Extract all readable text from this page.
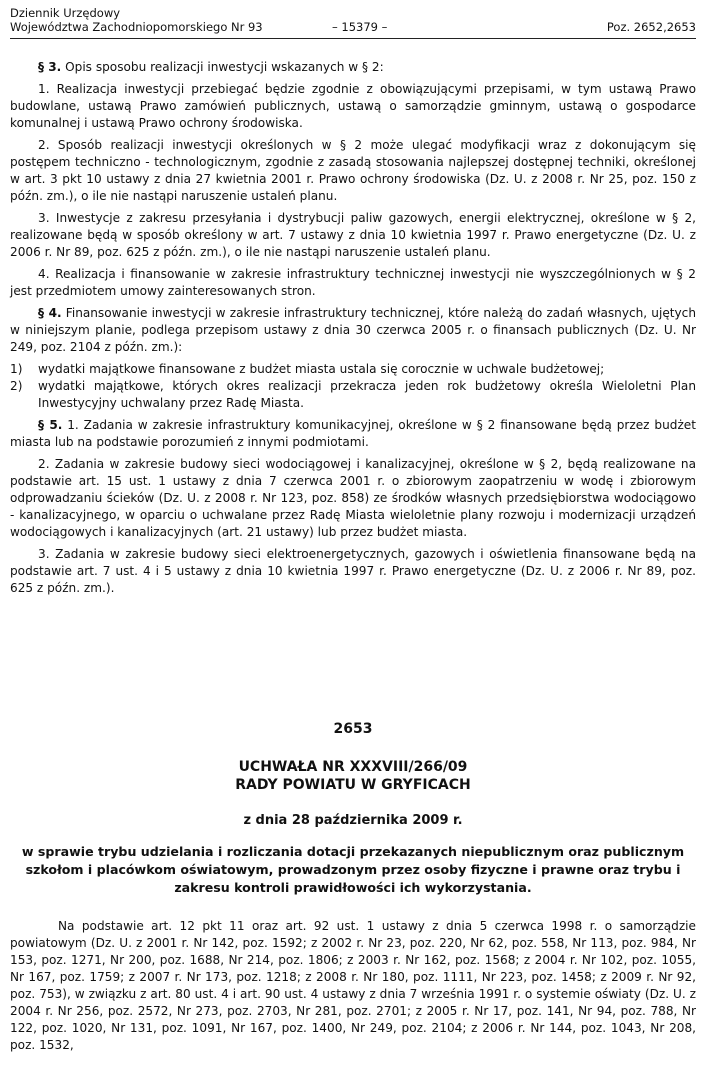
Dziennik Urzędowy
Województwa Zachodniopomorskiego Nr 93	– 15379 –	Poz. 2652,2653

§ 3. Opis sposobu realizacji inwestycji wskazanych w § 2:

1. Realizacja inwestycji przebiegać będzie zgodnie z obowiązującymi przepisami, w tym ustawą Prawo budowlane, ustawą Prawo zamówień publicznych, ustawą o samorządzie gminnym, ustawą o gospodarce komunalnej i ustawą Prawo ochrony środowiska.

2. Sposób realizacji inwestycji określonych w § 2 może ulegać modyfikacji wraz z dokonującym się postępem techniczno - technologicznym, zgodnie z zasadą stosowania najlepszej dostępnej techniki, określonej w art. 3 pkt 10 ustawy z dnia 27 kwietnia 2001 r. Prawo ochrony środowiska (Dz. U. z 2008 r. Nr 25, poz. 150 z późn. zm.), o ile nie nastąpi naruszenie ustaleń planu.

3. Inwestycje z zakresu przesyłania i dystrybucji paliw gazowych, energii elektrycznej, określone w § 2, realizowane będą w sposób określony w art. 7 ustawy z dnia 10 kwietnia 1997 r. Prawo energetyczne (Dz. U. z 2006 r. Nr 89, poz. 625 z późn. zm.), o ile nie nastąpi naruszenie ustaleń planu.

4. Realizacja i finansowanie w zakresie infrastruktury technicznej inwestycji nie wyszczególnionych w § 2 jest przedmiotem umowy zainteresowanych stron.

§ 4. Finansowanie inwestycji w zakresie infrastruktury technicznej, które należą do zadań własnych, ujętych w niniejszym planie, podlega przepisom ustawy z dnia 30 czerwca 2005 r. o finansach publicznych (Dz. U. Nr 249, poz. 2104 z późn. zm.):

1)	wydatki majątkowe finansowane z budżet miasta ustala się corocznie w uchwale budżetowej;
2)	wydatki majątkowe, których okres realizacji przekracza jeden rok budżetowy określa Wieloletni Plan Inwestycyjny uchwalany przez Radę Miasta.

§ 5. 1. Zadania w zakresie infrastruktury komunikacyjnej, określone w § 2 finansowane będą przez budżet miasta lub na podstawie porozumień z innymi podmiotami.

2. Zadania w zakresie budowy sieci wodociągowej i kanalizacyjnej, określone w § 2, będą realizowane na podstawie art. 15 ust. 1 ustawy z dnia 7 czerwca 2001 r. o zbiorowym zaopatrzeniu w wodę i zbiorowym odprowadzaniu ścieków (Dz. U. z 2008 r. Nr 123, poz. 858) ze środków własnych przedsiębiorstwa wodociągowo - kanalizacyjnego, w oparciu o uchwalane przez Radę Miasta wieloletnie plany rozwoju i modernizacji urządzeń wodociągowych i kanalizacyjnych (art. 21 ustawy) lub przez budżet miasta.

3. Zadania w zakresie budowy sieci elektroenergetycznych, gazowych i oświetlenia finansowane będą na podstawie art. 7 ust. 4 i 5 ustawy z dnia 10 kwietnia 1997 r. Prawo energetyczne (Dz. U. z 2006 r. Nr 89, poz. 625 z późn. zm.).

2653
UCHWAŁA NR XXXVIII/266/09
RADY POWIATU W GRYFICACH
z dnia 28 października 2009 r.
w sprawie trybu udzielania i rozliczania dotacji przekazanych niepublicznym oraz publicznym szkołom i placówkom oświatowym, prowadzonym przez osoby fizyczne i prawne oraz trybu i zakresu kontroli prawidłowości ich wykorzystania.
Na podstawie art. 12 pkt 11 oraz art. 92 ust. 1 ustawy z dnia 5 czerwca 1998 r. o samorządzie powiatowym (Dz. U. z 2001 r. Nr 142, poz. 1592; z 2002 r. Nr 23, poz. 220, Nr 62, poz. 558, Nr 113, poz. 984, Nr 153, poz. 1271, Nr 200, poz. 1688, Nr 214, poz. 1806; z 2003 r. Nr 162, poz. 1568; z 2004 r. Nr 102, poz. 1055, Nr 167, poz. 1759; z 2007 r. Nr 173, poz. 1218; z 2008 r. Nr 180, poz. 1111, Nr 223, poz. 1458; z 2009 r. Nr 92, poz. 753), w związku z art. 80 ust. 4 i art. 90 ust. 4 ustawy z dnia 7 września 1991 r. o systemie oświaty (Dz. U. z 2004 r. Nr 256, poz. 2572, Nr 273, poz. 2703, Nr 281, poz. 2701; z 2005 r. Nr 17, poz. 141, Nr 94, poz. 788, Nr 122, poz. 1020, Nr 131, poz. 1091, Nr 167, poz. 1400, Nr 249, poz. 2104; z 2006 r. Nr 144, poz. 1043, Nr 208, poz. 1532,
